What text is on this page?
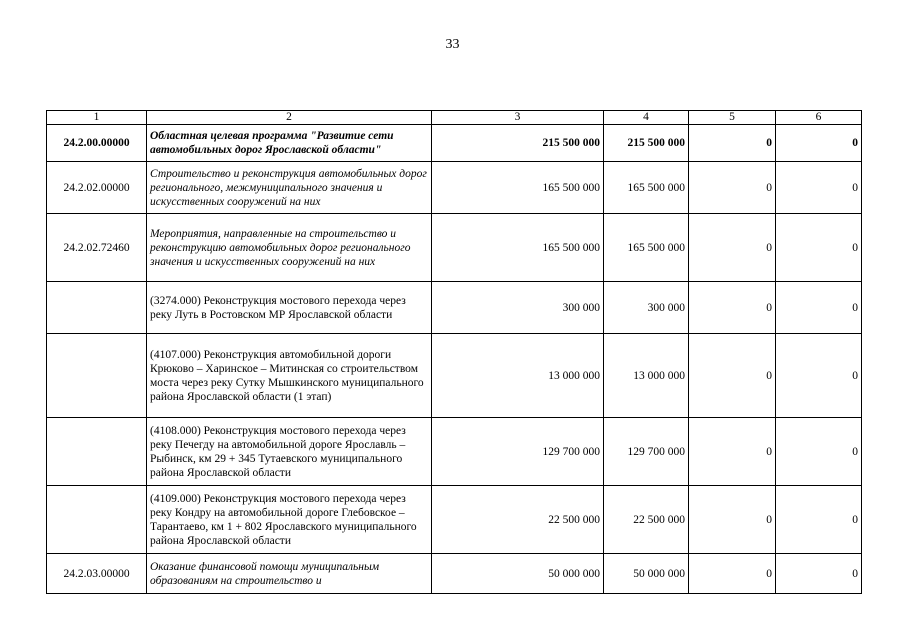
33
1	2	3	4	5	6
24.2.00.00000	Областная целевая программа "Развитие сети автомобильных дорог Ярославской области"	215 500 000	215 500 000	0	0
24.2.02.00000	Строительство и реконструкция автомобильных дорог регионального, межмуниципального значения и искусственных сооружений на них	165 500 000	165 500 000	0	0
24.2.02.72460	Мероприятия, направленные на строительство и реконструкцию автомобильных дорог регионального значения и искусственных сооружений на них	165 500 000	165 500 000	0	0
	(3274.000) Реконструкция мостового перехода через реку Луть в Ростовском МР Ярославской области	300 000	300 000	0	0
	(4107.000) Реконструкция автомобильной дороги Крюково – Харинское – Митинская со строительством моста через реку Сутку Мышкинского муниципального района Ярославской области (1 этап)	13 000 000	13 000 000	0	0
	(4108.000) Реконструкция мостового перехода через реку Печегду на автомобильной дороге Ярославль – Рыбинск, км 29 + 345 Тутаевского муниципального района Ярославской области	129 700 000	129 700 000	0	0
	(4109.000) Реконструкция мостового перехода через реку Кондру на автомобильной дороге Глебовское – Тарантаево, км 1 + 802 Ярославского муниципального района Ярославской области	22 500 000	22 500 000	0	0
24.2.03.00000	Оказание финансовой помощи муниципальным образованиям на строительство и	50 000 000	50 000 000	0	0
